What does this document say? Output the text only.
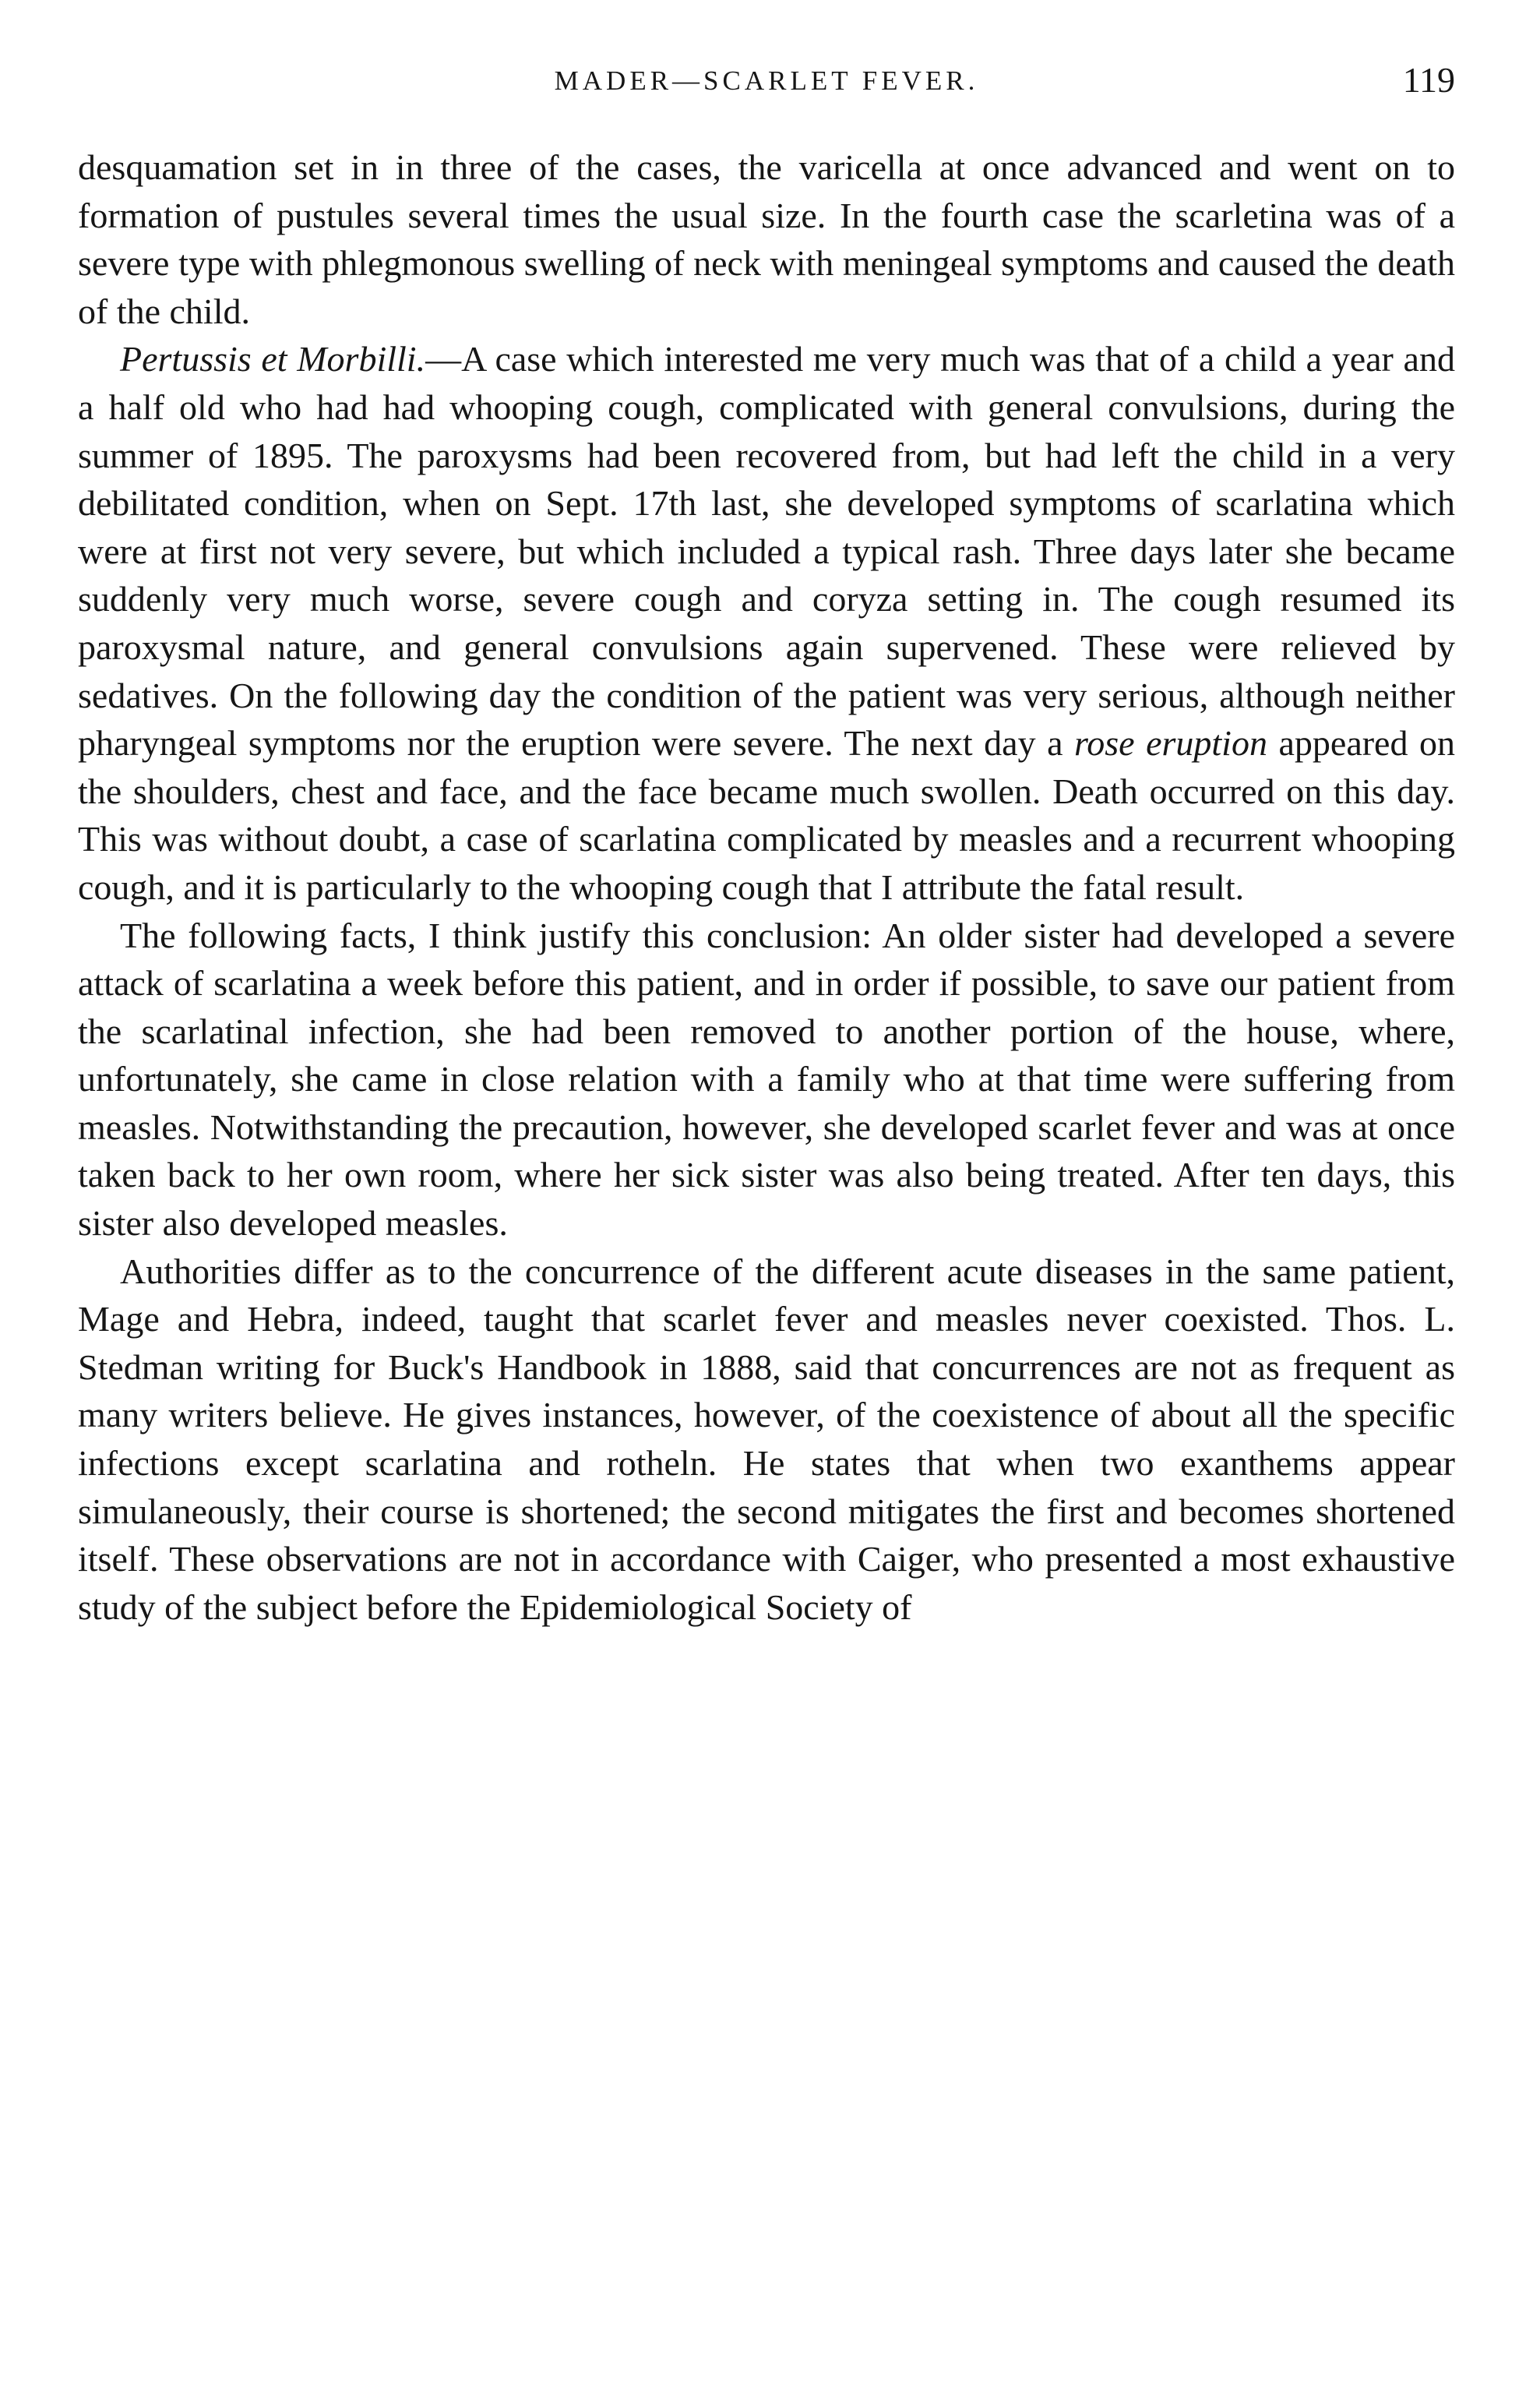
MADER—SCARLET FEVER.	119

desquamation set in in three of the cases, the varicella at once advanced and went on to formation of pustules several times the usual size. In the fourth case the scarletina was of a severe type with phlegmonous swelling of neck with meningeal symptoms and caused the death of the child.

Pertussis et Morbilli.—A case which interested me very much was that of a child a year and a half old who had had whooping cough, complicated with general convulsions, during the summer of 1895. The paroxysms had been recovered from, but had left the child in a very debilitated condition, when on Sept. 17th last, she developed symptoms of scarlatina which were at first not very severe, but which included a typical rash. Three days later she became suddenly very much worse, severe cough and coryza setting in. The cough resumed its paroxysmal nature, and general convulsions again supervened. These were relieved by sedatives. On the following day the condition of the patient was very serious, although neither pharyngeal symptoms nor the eruption were severe. The next day a rose eruption appeared on the shoulders, chest and face, and the face became much swollen. Death occurred on this day. This was without doubt, a case of scarlatina complicated by measles and a recurrent whooping cough, and it is particularly to the whooping cough that I attribute the fatal result.

The following facts, I think justify this conclusion: An older sister had developed a severe attack of scarlatina a week before this patient, and in order if possible, to save our patient from the scarlatinal infection, she had been removed to another portion of the house, where, unfortunately, she came in close relation with a family who at that time were suffering from measles. Notwithstanding the precaution, however, she developed scarlet fever and was at once taken back to her own room, where her sick sister was also being treated. After ten days, this sister also developed measles.

Authorities differ as to the concurrence of the different acute diseases in the same patient, Mage and Hebra, indeed, taught that scarlet fever and measles never coexisted. Thos. L. Stedman writing for Buck's Handbook in 1888, said that concurrences are not as frequent as many writers believe. He gives instances, however, of the coexistence of about all the specific infections except scarlatina and rotheln. He states that when two exanthems appear simulaneously, their course is shortened; the second mitigates the first and becomes shortened itself. These observations are not in accordance with Caiger, who presented a most exhaustive study of the subject before the Epidemiological Society of
